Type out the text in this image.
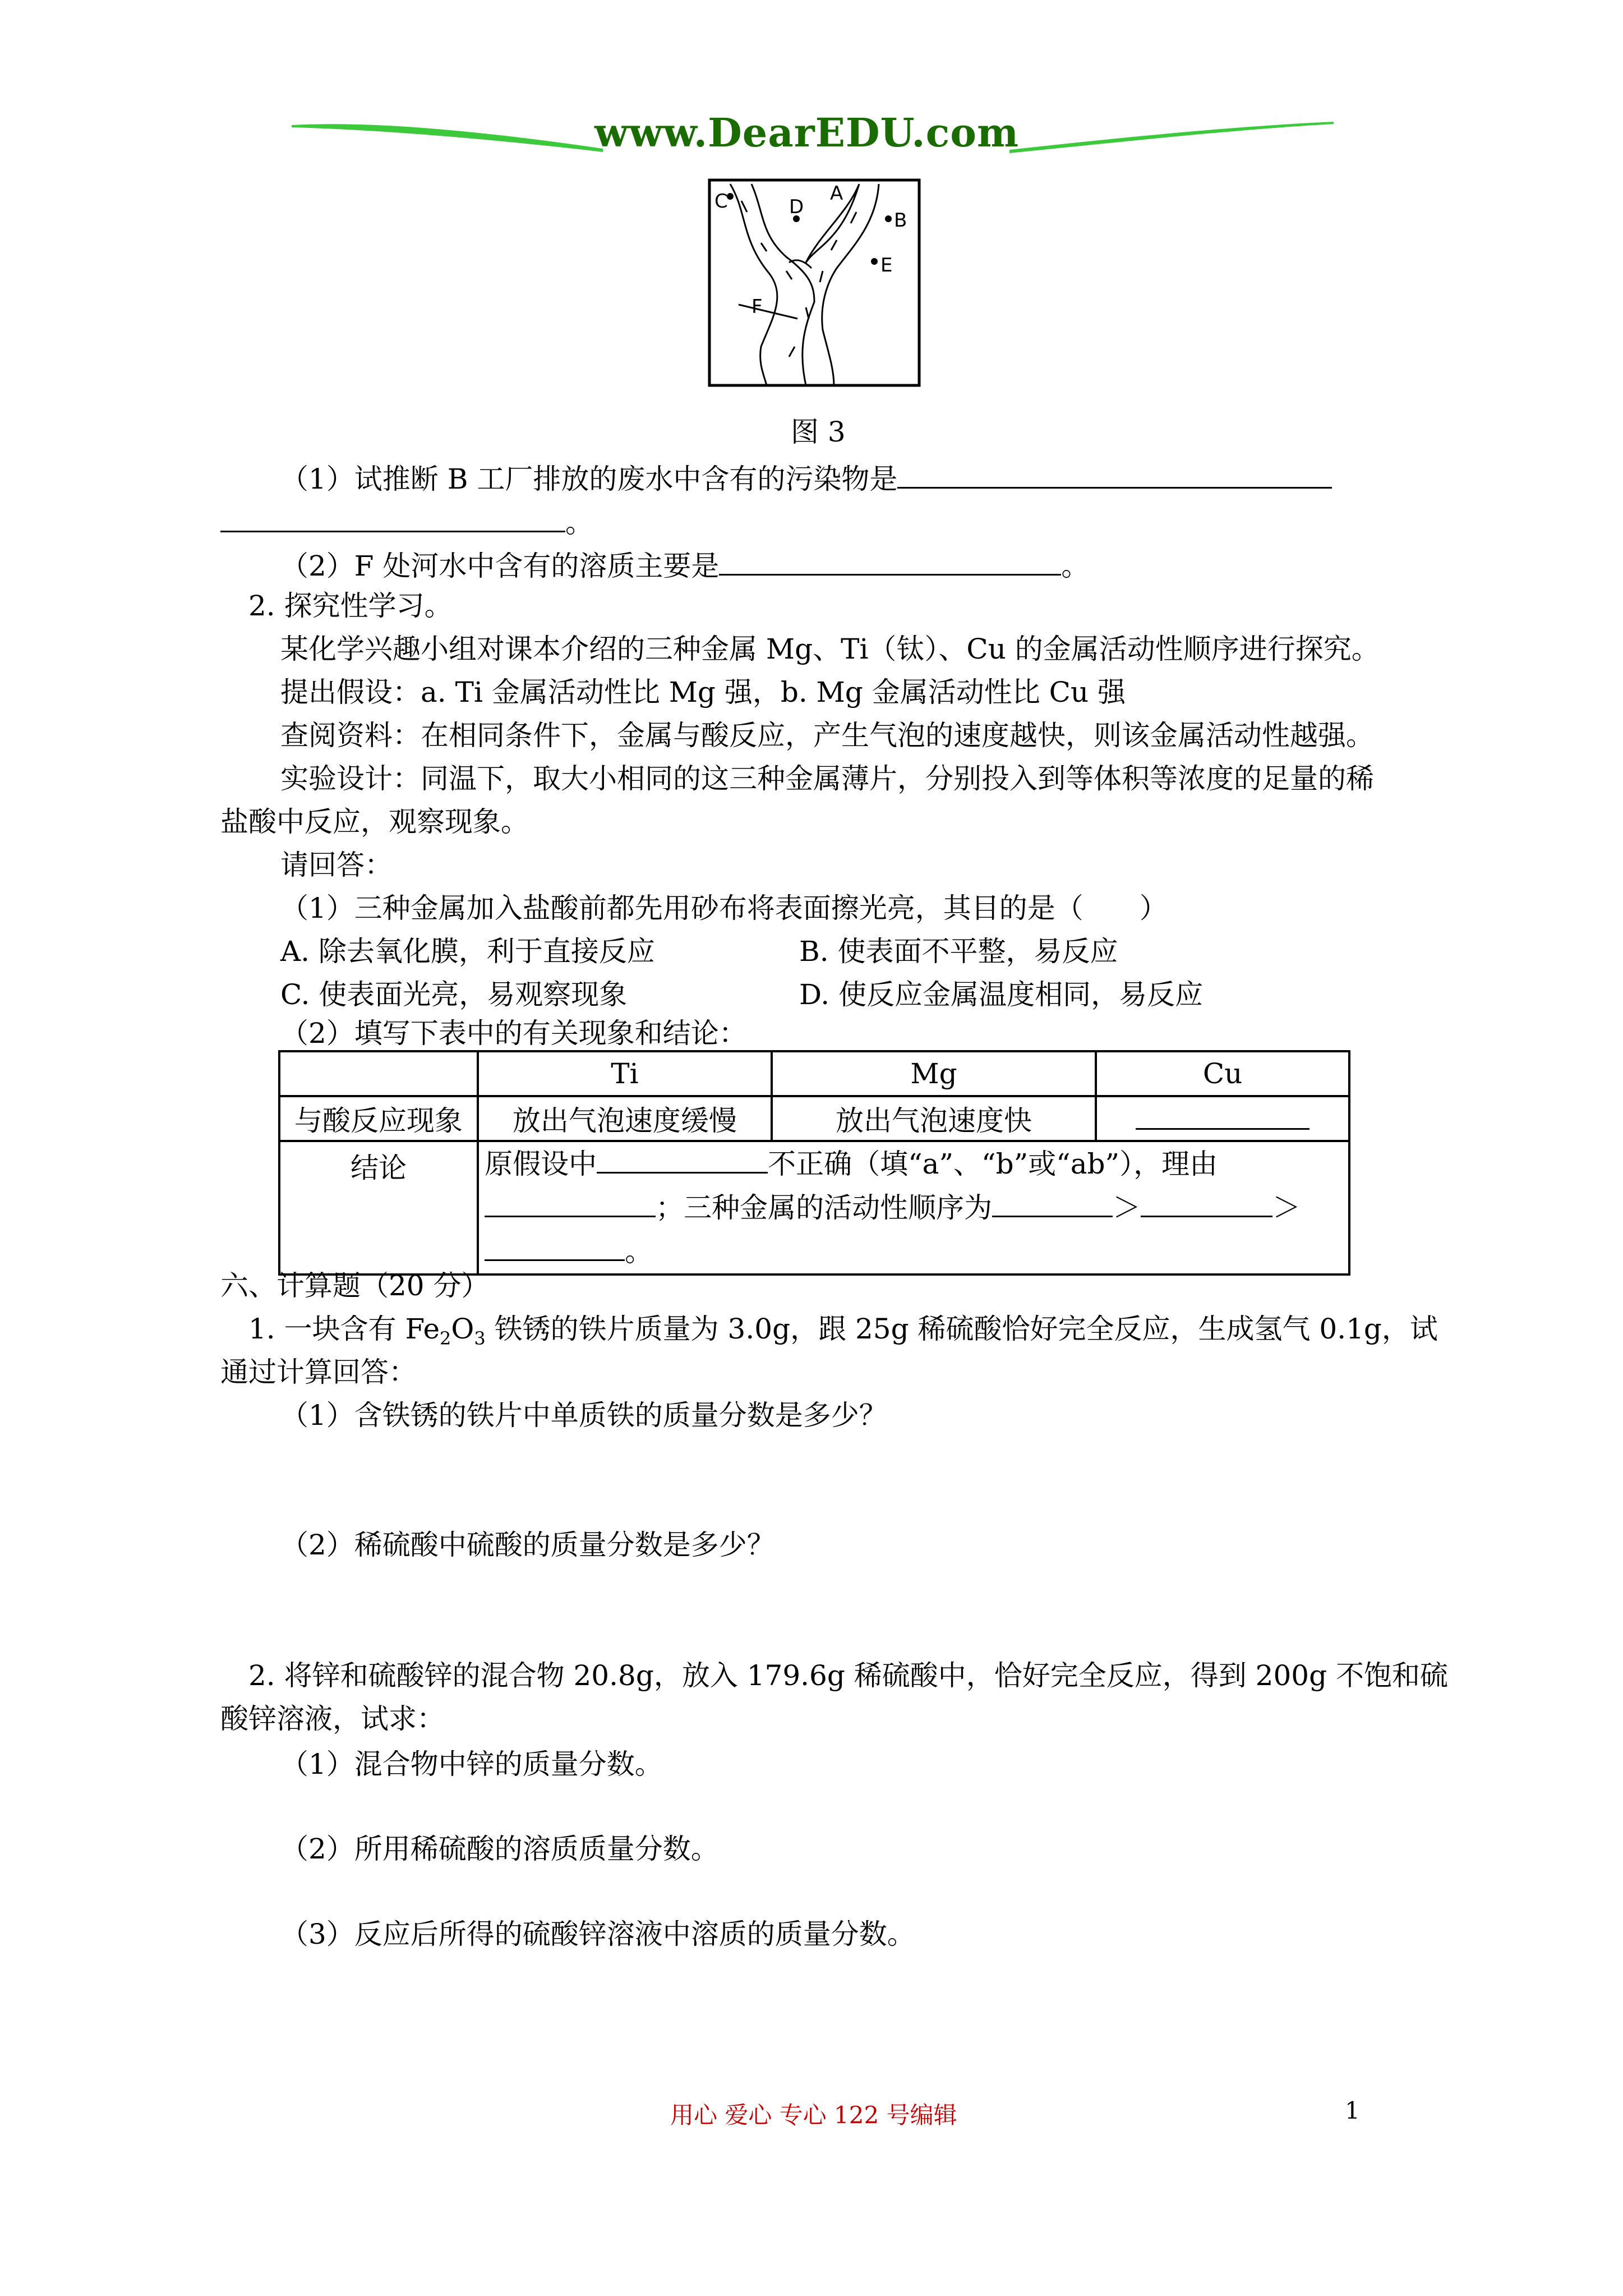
www.DearEDU.com
C	A
D
B
E
F
图 3
（1）试推断 B 工厂排放的废水中含有的污染物是
。
（2）F 处河水中含有的溶质主要是	。
2. 探究性学习。
某化学兴趣小组对课本介绍的三种金属 Mg、Ti（钛）、Cu 的金属活动性顺序进行探究。
提出假设：a. Ti 金属活动性比 Mg 强，b. Mg 金属活动性比 Cu 强
查阅资料：在相同条件下，金属与酸反应，产生气泡的速度越快，则该金属活动性越强。
实验设计：同温下，取大小相同的这三种金属薄片，分别投入到等体积等浓度的足量的稀
盐酸中反应，观察现象。
请回答：
（1）三种金属加入盐酸前都先用砂布将表面擦光亮，其目的是（　　）
A. 除去氧化膜，利于直接反应	B. 使表面不平整，易反应
C. 使表面光亮，易观察现象	D. 使反应金属温度相同，易反应
（2）填写下表中的有关现象和结论：
	Ti	Mg	Cu
与酸反应现象	放出气泡速度缓慢	放出气泡速度快	
结论	原假设中 不正确（填“a”、“b”或“ab”），理由
；三种金属的活动性顺序为 ＞ ＞
。		
六、计算题（20 分）
1. 一块含有 $Fe_2O_3$ 铁锈的铁片质量为 3.0g，跟 25g 稀硫酸恰好完全反应，生成氢气 0.1g，试
通过计算回答：
（1）含铁锈的铁片中单质铁的质量分数是多少？
（2）稀硫酸中硫酸的质量分数是多少？
2. 将锌和硫酸锌的混合物 20.8g，放入 179.6g 稀硫酸中，恰好完全反应，得到 200g 不饱和硫
酸锌溶液，试求：
（1）混合物中锌的质量分数。
（2）所用稀硫酸的溶质质量分数。
（3）反应后所得的硫酸锌溶液中溶质的质量分数。
用心 爱心 专心 122 号编辑	1
